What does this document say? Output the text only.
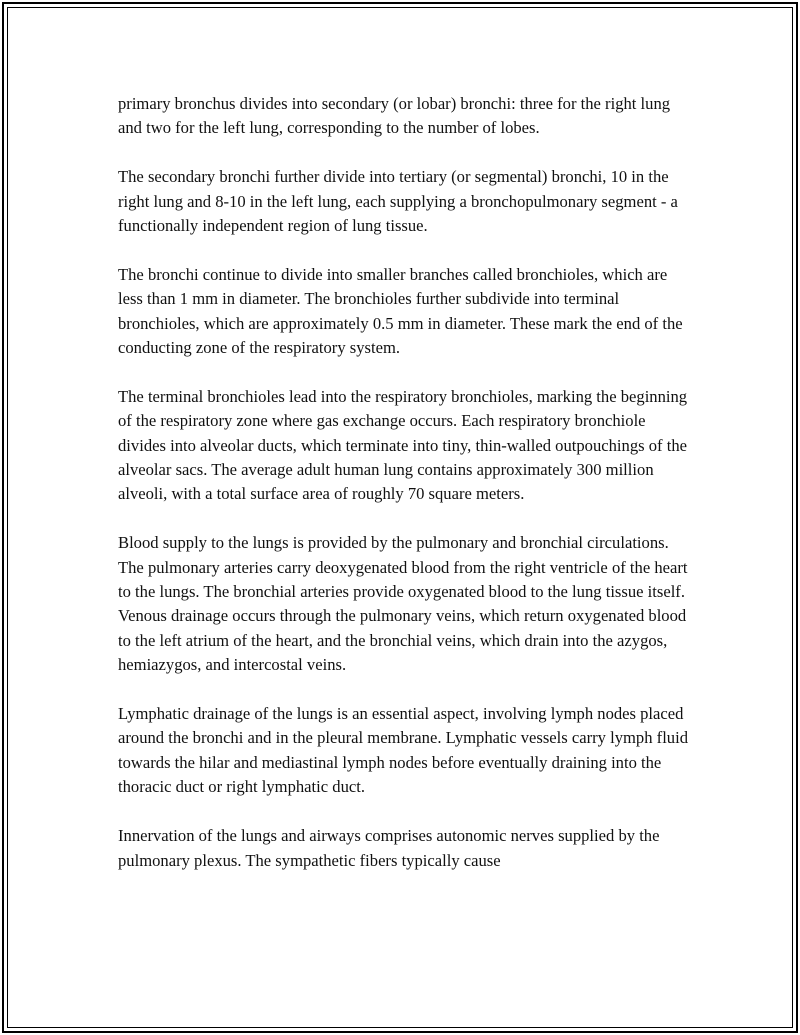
primary bronchus divides into secondary (or lobar) bronchi: three for the right lung and two for the left lung, corresponding to the number of lobes.

The secondary bronchi further divide into tertiary (or segmental) bronchi, 10 in the right lung and 8-10 in the left lung, each supplying a bronchopulmonary segment - a functionally independent region of lung tissue.

The bronchi continue to divide into smaller branches called bronchioles, which are less than 1 mm in diameter. The bronchioles further subdivide into terminal bronchioles, which are approximately 0.5 mm in diameter. These mark the end of the conducting zone of the respiratory system.

The terminal bronchioles lead into the respiratory bronchioles, marking the beginning of the respiratory zone where gas exchange occurs. Each respiratory bronchiole divides into alveolar ducts, which terminate into tiny, thin-walled outpouchings of the alveolar sacs. The average adult human lung contains approximately 300 million alveoli, with a total surface area of roughly 70 square meters.

Blood supply to the lungs is provided by the pulmonary and bronchial circulations. The pulmonary arteries carry deoxygenated blood from the right ventricle of the heart to the lungs. The bronchial arteries provide oxygenated blood to the lung tissue itself. Venous drainage occurs through the pulmonary veins, which return oxygenated blood to the left atrium of the heart, and the bronchial veins, which drain into the azygos, hemiazygos, and intercostal veins.

Lymphatic drainage of the lungs is an essential aspect, involving lymph nodes placed around the bronchi and in the pleural membrane. Lymphatic vessels carry lymph fluid towards the hilar and mediastinal lymph nodes before eventually draining into the thoracic duct or right lymphatic duct.

Innervation of the lungs and airways comprises autonomic nerves supplied by the pulmonary plexus. The sympathetic fibers typically cause
